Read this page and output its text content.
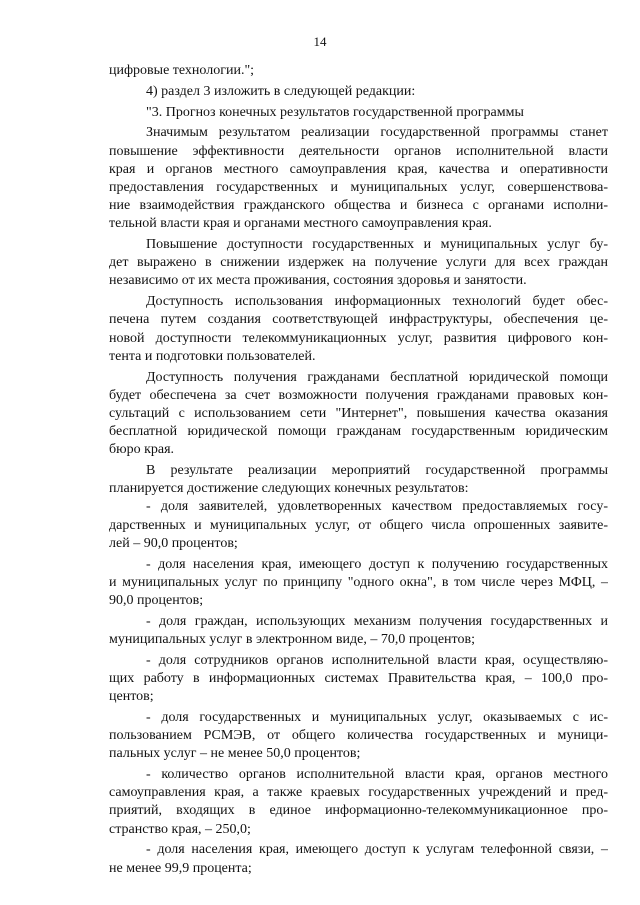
14
цифровые технологии.";
4) раздел 3 изложить в следующей редакции:
"3. Прогноз конечных результатов государственной программы
Значимым результатом реализации государственной программы станет
повышение эффективности деятельности органов исполнительной власти
края и органов местного самоуправления края, качества и оперативности
предоставления государственных и муниципальных услуг, совершенствова-
ние взаимодействия гражданского общества и бизнеса с органами исполни-
тельной власти края и органами местного самоуправления края.
Повышение доступности государственных и муниципальных услуг бу-
дет выражено в снижении издержек на получение услуги для всех граждан
независимо от их места проживания, состояния здоровья и занятости.
Доступность использования информационных технологий будет обес-
печена путем создания соответствующей инфраструктуры, обеспечения це-
новой доступности телекоммуникационных услуг, развития цифрового кон-
тента и подготовки пользователей.
Доступность получения гражданами бесплатной юридической помощи
будет обеспечена за счет возможности получения гражданами правовых кон-
сультаций с использованием сети "Интернет", повышения качества оказания
бесплатной юридической помощи гражданам государственным юридическим
бюро края.
В результате реализации мероприятий государственной программы
планируется достижение следующих конечных результатов:
- доля заявителей, удовлетворенных качеством предоставляемых госу-
дарственных и муниципальных услуг, от общего числа опрошенных заявите-
лей – 90,0 процентов;
- доля населения края, имеющего доступ к получению государственных
и муниципальных услуг по принципу "одного окна", в том числе через МФЦ, –
90,0 процентов;
- доля граждан, использующих механизм получения государственных и
муниципальных услуг в электронном виде, – 70,0 процентов;
- доля сотрудников органов исполнительной власти края, осуществляю-
щих работу в информационных системах Правительства края, – 100,0 про-
центов;
- доля государственных и муниципальных услуг, оказываемых с ис-
пользованием РСМЭВ, от общего количества государственных и муници-
пальных услуг – не менее 50,0 процентов;
- количество органов исполнительной власти края, органов местного
самоуправления края, а также краевых государственных учреждений и пред-
приятий, входящих в единое информационно-телекоммуникационное про-
странство края, – 250,0;
- доля населения края, имеющего доступ к услугам телефонной связи, –
не менее 99,9 процента;
